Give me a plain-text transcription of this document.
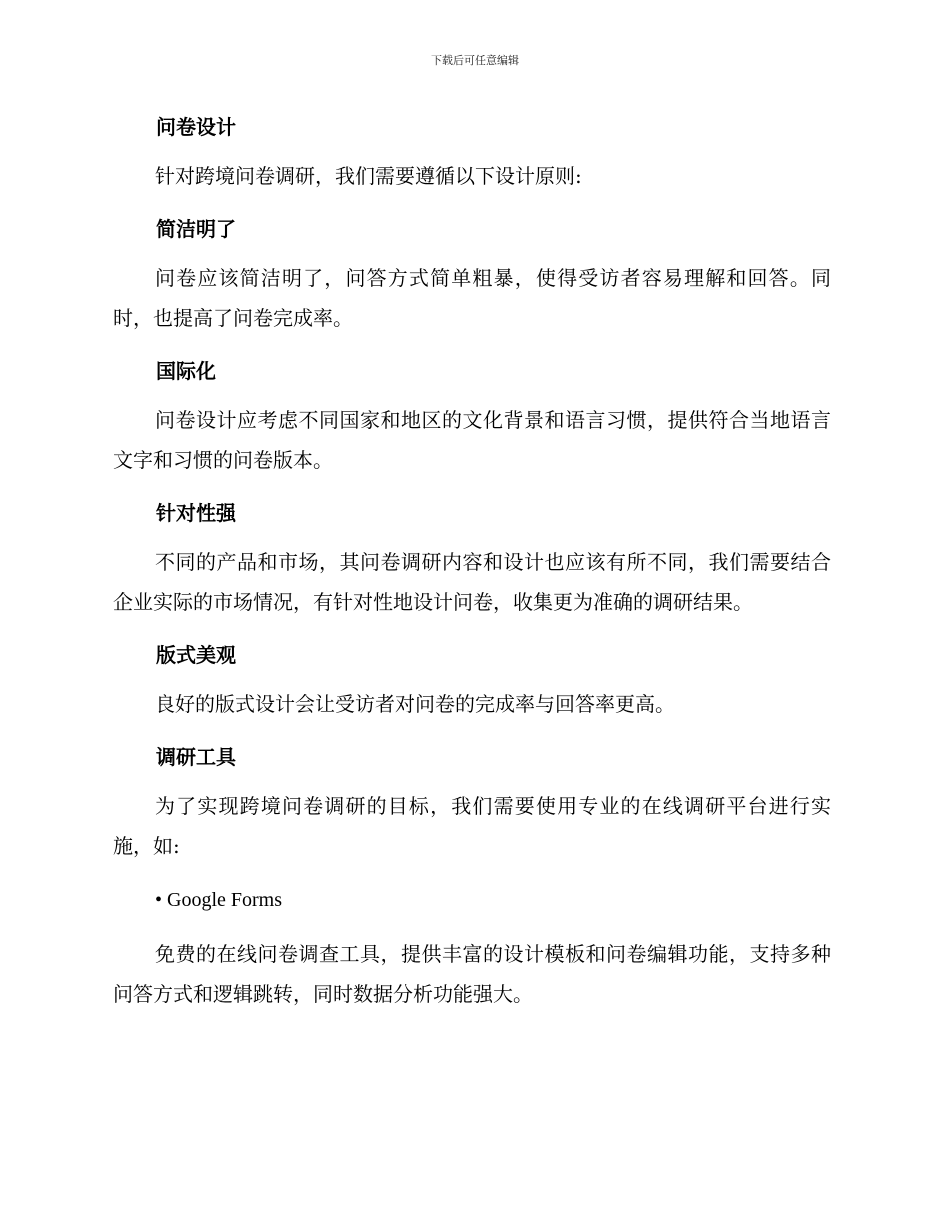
下载后可任意编辑
问卷设计

针对跨境问卷调研，我们需要遵循以下设计原则:

简洁明了

问卷应该简洁明了，问答方式简单粗暴，使得受访者容易理解和回答。同时，也提高了问卷完成率。

国际化

问卷设计应考虑不同国家和地区的文化背景和语言习惯，提供符合当地语言文字和习惯的问卷版本。

针对性强

不同的产品和市场，其问卷调研内容和设计也应该有所不同，我们需要结合企业实际的市场情况，有针对性地设计问卷，收集更为准确的调研结果。

版式美观

良好的版式设计会让受访者对问卷的完成率与回答率更高。

调研工具

为了实现跨境问卷调研的目标，我们需要使用专业的在线调研平台进行实施，如:

• Google Forms

免费的在线问卷调查工具，提供丰富的设计模板和问卷编辑功能，支持多种问答方式和逻辑跳转，同时数据分析功能强大。
